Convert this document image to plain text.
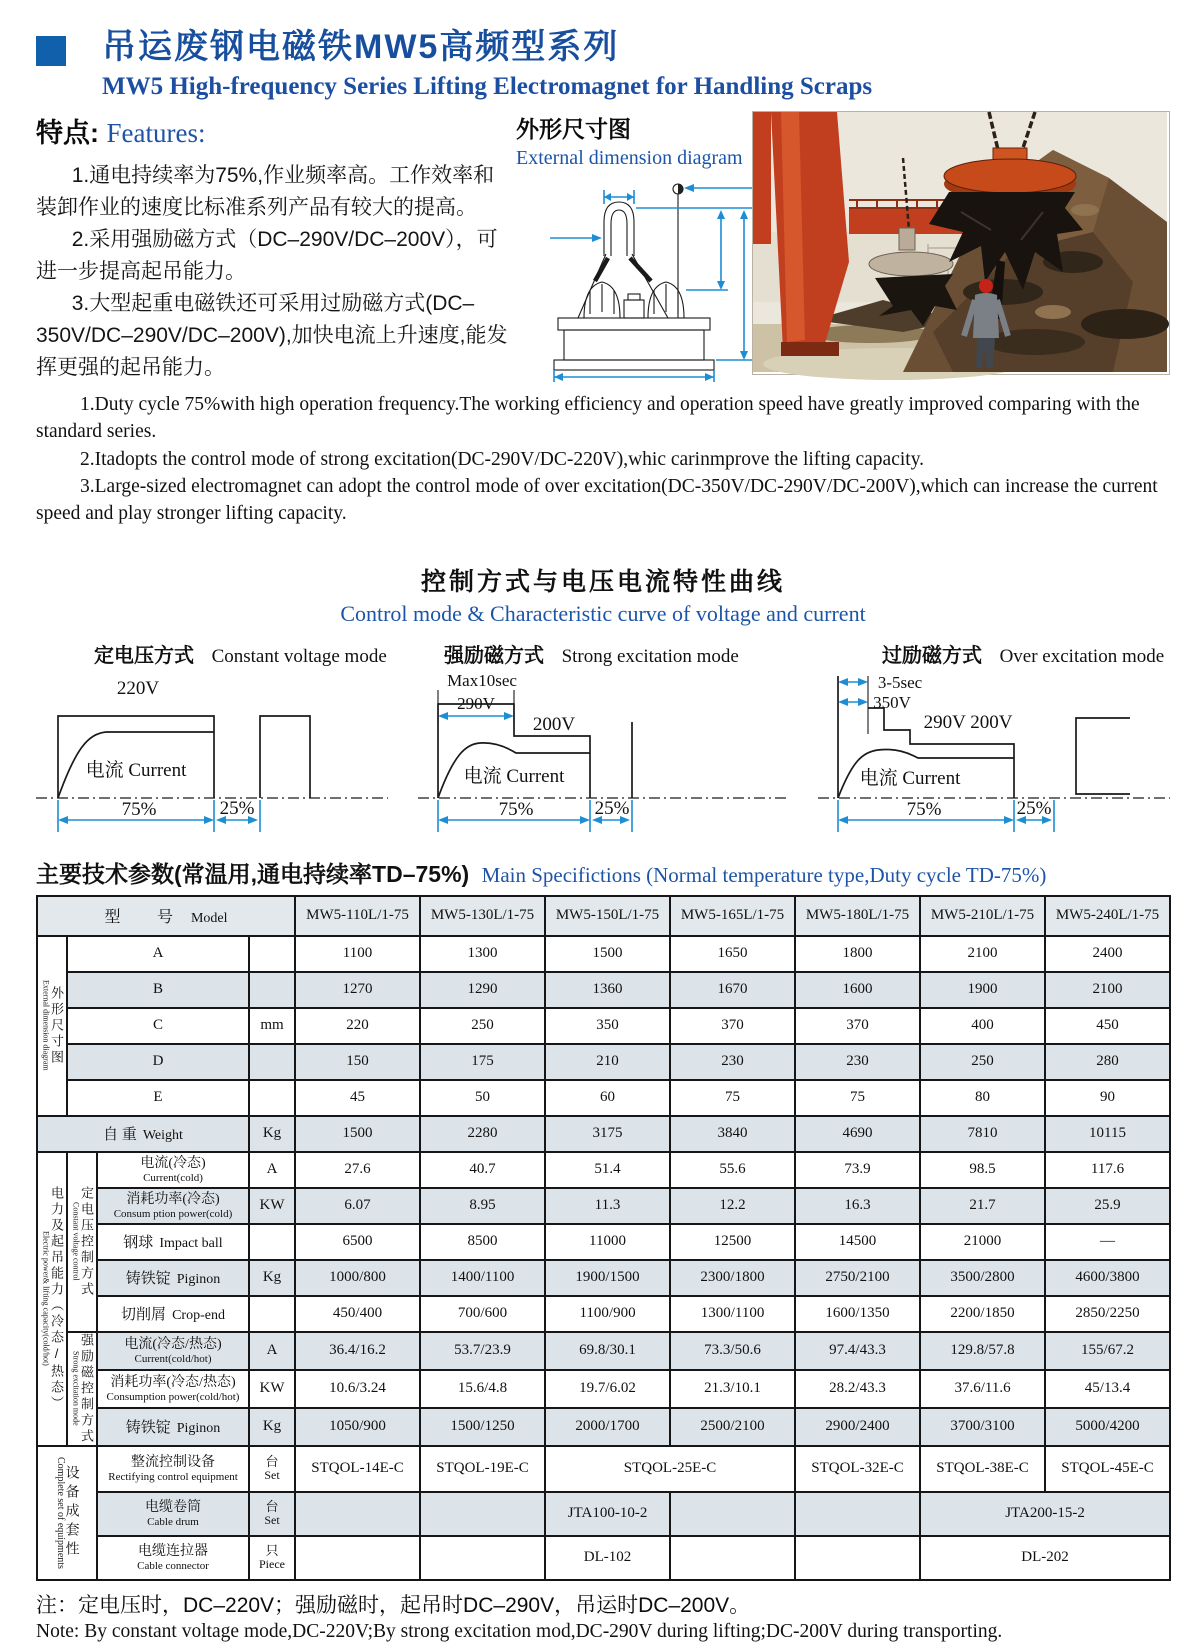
吊运废钢电磁铁MW5高频型系列
MW5 High-frequency Series Lifting Electromagnet for Handling Scraps
特点: Features:

1.通电持续率为75%,作业频率高。工作效率和装卸作业的速度比标准系列产品有较大的提高。

2.采用强励磁方式（DC–290V/DC–200V），可进一步提高起吊能力。

3.大型起重电磁铁还可采用过励磁方式(DC–350V/DC–290V/DC–200V),加快电流上升速度,能发挥更强的起吊能力。

外形尺寸图
External dimension diagram

1.Duty cycle 75%with high operation frequency.The working efficiency and operation speed have greatly improved comparing with the standard series.

2.Itadopts the control mode of strong excitation(DC-290V/DC-220V),whic carinmprove the lifting capacity.

3.Large-sized electromagnet can adopt the control mode of over excitation(DC-350V/DC-290V/DC-200V),which can increase the current speed and play stronger lifting capacity.

控制方式与电压电流特性曲线
Control mode & Characteristic curve of voltage and current
定电压方式 Constant voltage mode
220V
电流 Current
75%	25%
强励磁方式 Strong excitation mode
Max10sec
290V
200V
电流 Current
75%	25%
过励磁方式 Over excitation mode
3-5sec
350V
290V 200V
电流 Current
75%	25%
主要技术参数(常温用,通电持续率TD–75%) Main Specifictions (Normal temperature type,Duty cycle TD-75%)
型 号 Model				MW5-110L/1-75	MW5-130L/1-75	MW5-150L/1-75	MW5-165L/1-75	MW5-180L/1-75	MW5-210L/1-75	MW5-240L/1-75

External dimension diagram
外形尺寸图	A			1100	1300	1500	1650	1800	2100	2400
	B			1270	1290	1360	1670	1600	1900	2100
	C		mm	220	250	350	370	370	400	450
	D			150	175	210	230	230	250	280
	E			45	50	60	75	75	80	90
自 重 Weight			Kg	1500	2280	3175	3840	4690	7810	10115

Electric power& lifting capacity(cold/hot)
电力及起吊能力（冷态/热态）	Constant voltage control
定电压控制方式	电流(冷态)
Current(cold)	A	27.6	40.7	51.4	55.6	73.9	98.5	117.6

		消耗功率(冷态)
Consum ption power(cold)	KW	6.07	8.95	11.3	12.2	16.3	21.7	25.9
		钢球 Impact ball		6500	8500	11000	12500	14500	21000	—
		铸铁锭 Piginon	Kg	1000/800	1400/1100	1900/1500	2300/1800	2750/2100	3500/2800	4600/3800
		切削屑 Crop-end		450/400	700/600	1100/900	1300/1100	1600/1350	2200/1850	2850/2250

	Strong excitation mode
强励磁控制方式	电流(冷态/热态)
Current(cold/hot)	A	36.4/16.2	53.7/23.9	69.8/30.1	73.3/50.6	97.4/43.3	129.8/57.8	155/67.2

		消耗功率(冷态/热态)
Consumption power(cold/hot)	KW	10.6/3.24	15.6/4.8	19.7/6.02	21.3/10.1	28.2/43.3	37.6/11.6	45/13.4
		铸铁锭 Piginon	Kg	1050/900	1500/1250	2000/1700	2500/2100	2900/2400	3700/3100	5000/4200

Complete set of equipments
设备成套性		整流控制设备
Rectifying control equipment	台
Set	STQOL-14E-C	STQOL-19E-C	STQOL-25E-C		STQOL-32E-C	STQOL-38E-C	STQOL-45E-C

		电缆卷筒
Cable drum	台
Set			JTA100-10-2			JTA200-15-2	

		电缆连拉器
Cable connector	只
Piece			DL-102			DL-202	
注：定电压时，DC–220V；强励磁时，起吊时DC–290V，吊运时DC–200V。
Note: By constant voltage mode,DC-220V;By strong excitation mod,DC-290V during lifting;DC-200V during transporting.
